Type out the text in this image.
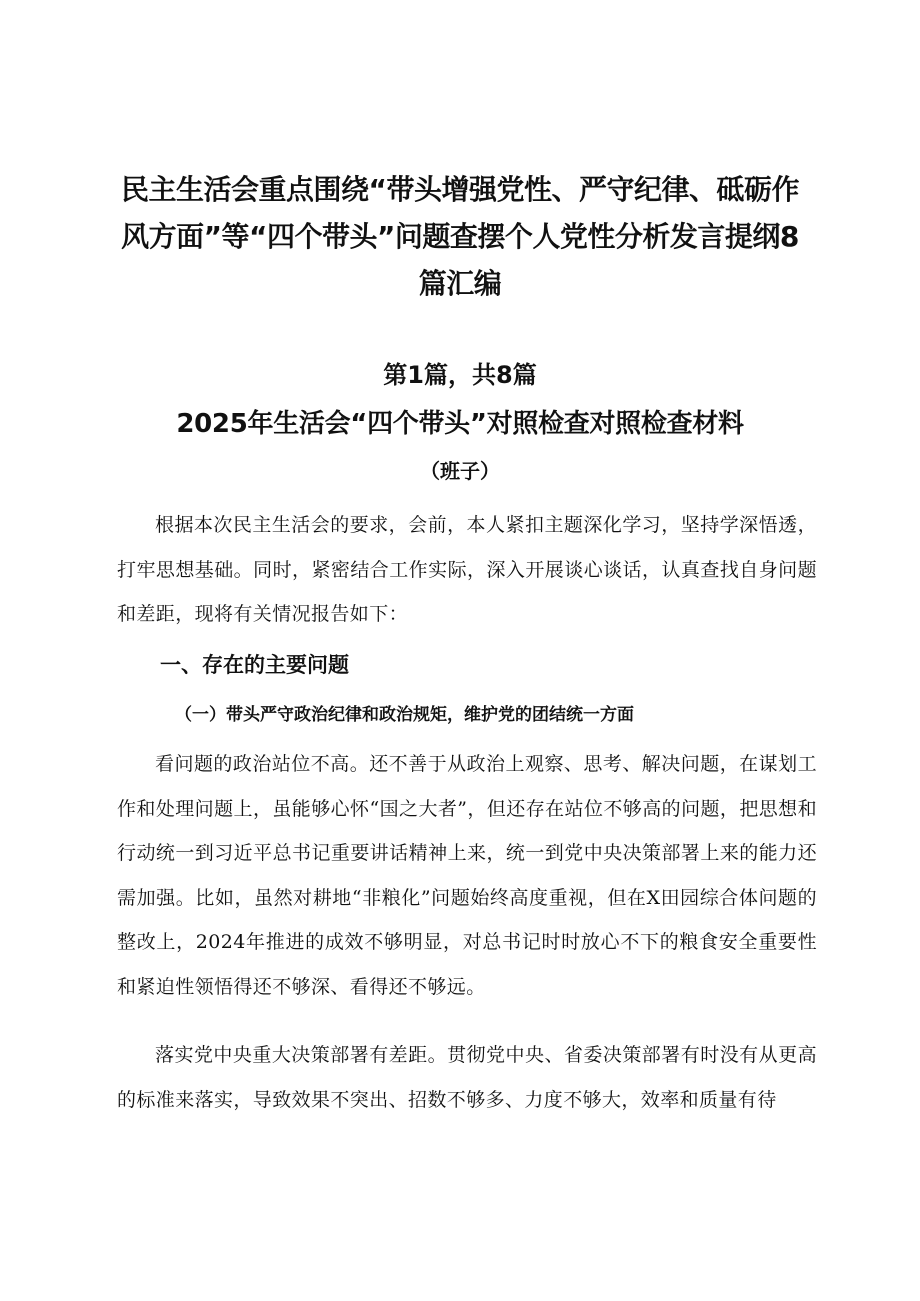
民主生活会重点围绕“带头增强党性、严守纪律、砥砺作风方面”等“四个带头”问题查摆个人党性分析发言提纲8篇汇编
第1篇，共8篇
2025年生活会“四个带头”对照检查对照检查材料
（班子）

根据本次民主生活会的要求，会前，本人紧扣主题深化学习，坚持学深悟透，打牢思想基础。同时，紧密结合工作实际，深入开展谈心谈话，认真查找自身问题和差距，现将有关情况报告如下：

一、存在的主要问题
（一）带头严守政治纪律和政治规矩，维护党的团结统一方面

看问题的政治站位不高。还不善于从政治上观察、思考、解决问题，在谋划工作和处理问题上，虽能够心怀“国之大者”，但还存在站位不够高的问题，把思想和行动统一到习近平总书记重要讲话精神上来，统一到党中央决策部署上来的能力还需加强。比如，虽然对耕地“非粮化”问题始终高度重视，但在X田园综合体问题的整改上，2024年推进的成效不够明显，对总书记时时放心不下的粮食安全重要性和紧迫性领悟得还不够深、看得还不够远。

落实党中央重大决策部署有差距。贯彻党中央、省委决策部署有时没有从更高的标准来落实，导致效果不突出、招数不够多、力度不够大，效率和质量有待
